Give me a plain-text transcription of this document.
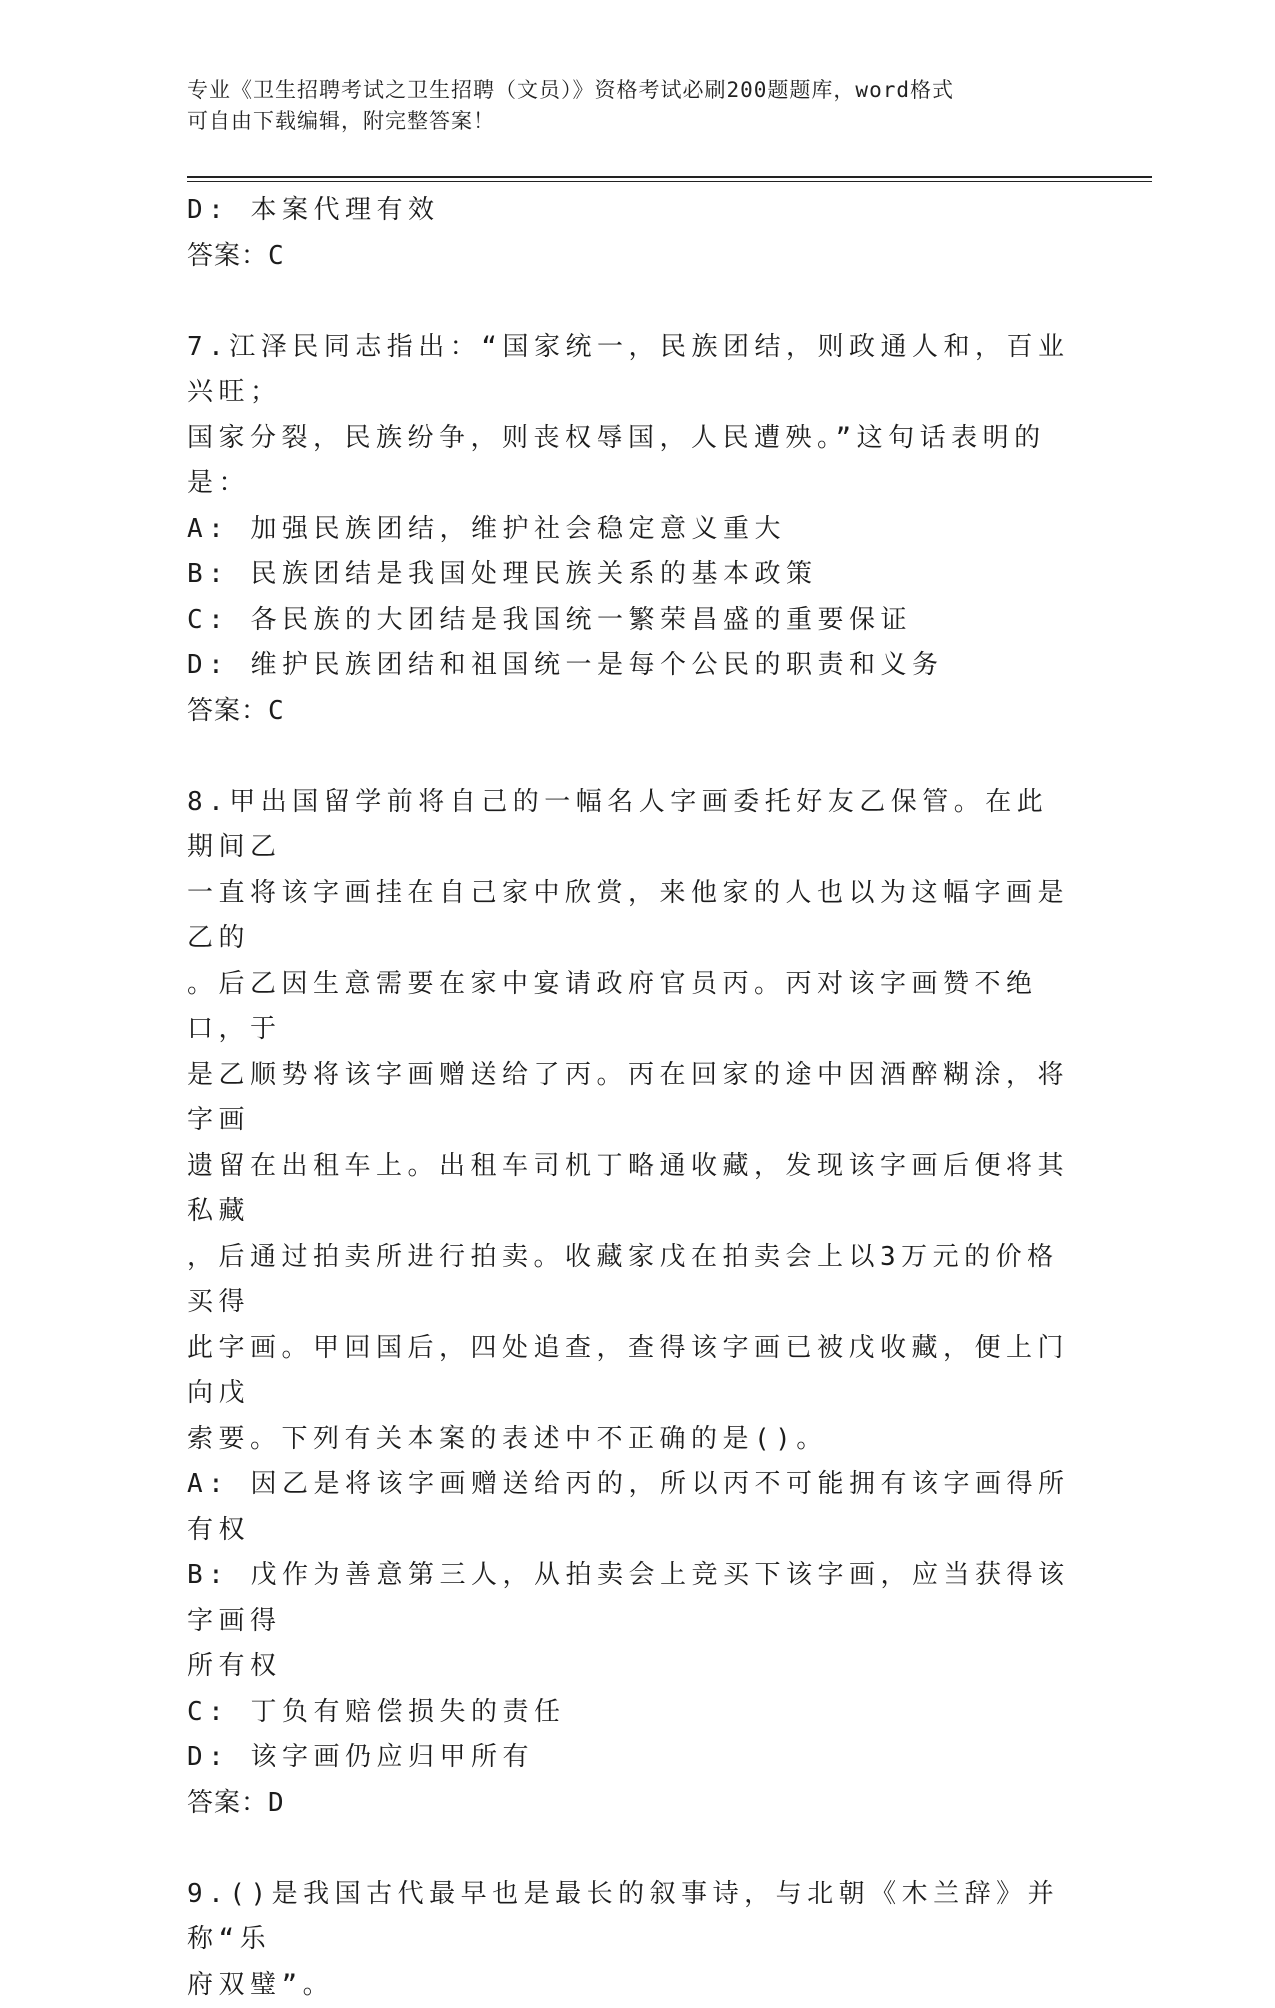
专业《卫生招聘考试之卫生招聘（文员）》资格考试必刷200题题库，word格式
可自由下载编辑，附完整答案！

D: 本案代理有效

答案：C

7.江泽民同志指出：“国家统一，民族团结，则政通人和，百业兴旺；

国家分裂，民族纷争，则丧权辱国，人民遭殃。”这句话表明的是：

A: 加强民族团结，维护社会稳定意义重大

B: 民族团结是我国处理民族关系的基本政策

C: 各民族的大团结是我国统一繁荣昌盛的重要保证

D: 维护民族团结和祖国统一是每个公民的职责和义务

答案：C

8.甲出国留学前将自己的一幅名人字画委托好友乙保管。在此期间乙

一直将该字画挂在自己家中欣赏，来他家的人也以为这幅字画是乙的

。后乙因生意需要在家中宴请政府官员丙。丙对该字画赞不绝口，于

是乙顺势将该字画赠送给了丙。丙在回家的途中因酒醉糊涂，将字画

遗留在出租车上。出租车司机丁略通收藏，发现该字画后便将其私藏

，后通过拍卖所进行拍卖。收藏家戊在拍卖会上以3万元的价格买得

此字画。甲回国后，四处追查，查得该字画已被戊收藏，便上门向戊

索要。下列有关本案的表述中不正确的是()。

A: 因乙是将该字画赠送给丙的，所以丙不可能拥有该字画得所有权

B: 戊作为善意第三人，从拍卖会上竞买下该字画，应当获得该字画得

所有权

C: 丁负有赔偿损失的责任

D: 该字画仍应归甲所有

答案：D

9.()是我国古代最早也是最长的叙事诗，与北朝《木兰辞》并称“乐

府双璧”。
